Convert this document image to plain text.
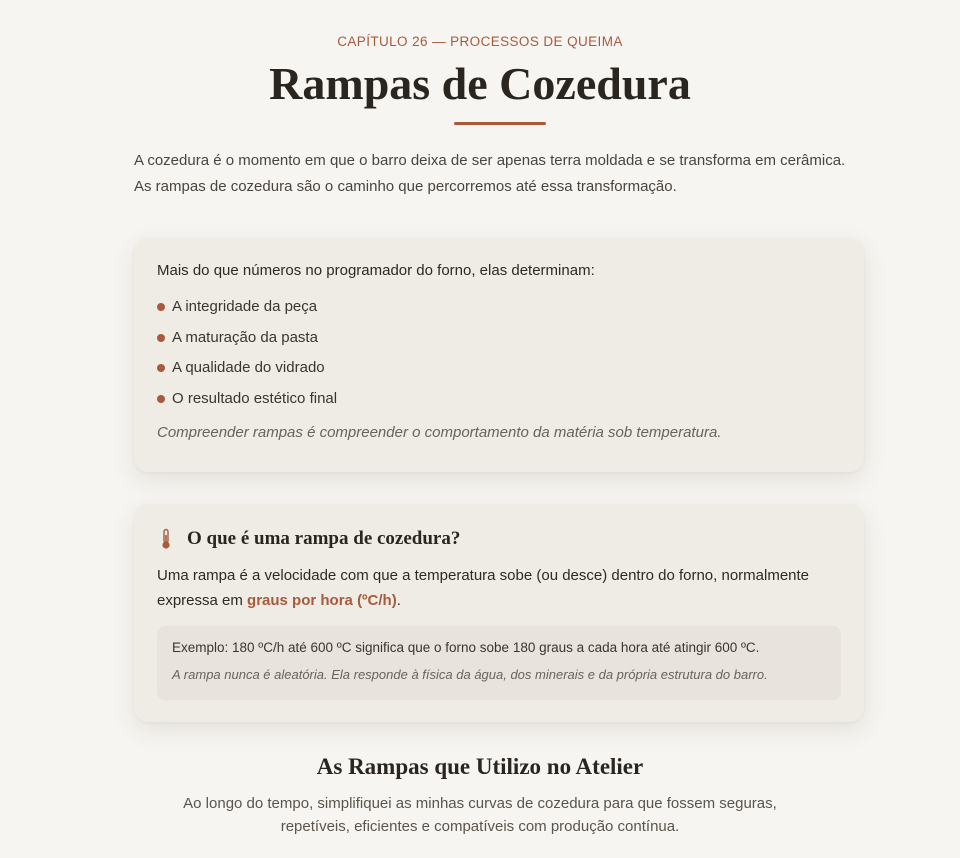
CAPÍTULO 26 — PROCESSOS DE QUEIMA
Rampas de Cozedura
A cozedura é o momento em que o barro deixa de ser apenas terra moldada e se transforma em cerâmica.
As rampas de cozedura são o caminho que percorremos até essa transformação.

Mais do que números no programador do forno, elas determinam:

A integridade da peça
A maturação da pasta
A qualidade do vidrado
O resultado estético final

Compreender rampas é compreender o comportamento da matéria sob temperatura.

O que é uma rampa de cozedura?

Uma rampa é a velocidade com que a temperatura sobe (ou desce) dentro do forno, normalmente expressa em graus por hora (ºC/h).

Exemplo: 180 ºC/h até 600 ºC significa que o forno sobe 180 graus a cada hora até atingir 600 ºC.

A rampa nunca é aleatória. Ela responde à física da água, dos minerais e da própria estrutura do barro.

As Rampas que Utilizo no Atelier
Ao longo do tempo, simplifiquei as minhas curvas de cozedura para que fossem seguras,
repetíveis, eficientes e compatíveis com produção contínua.
